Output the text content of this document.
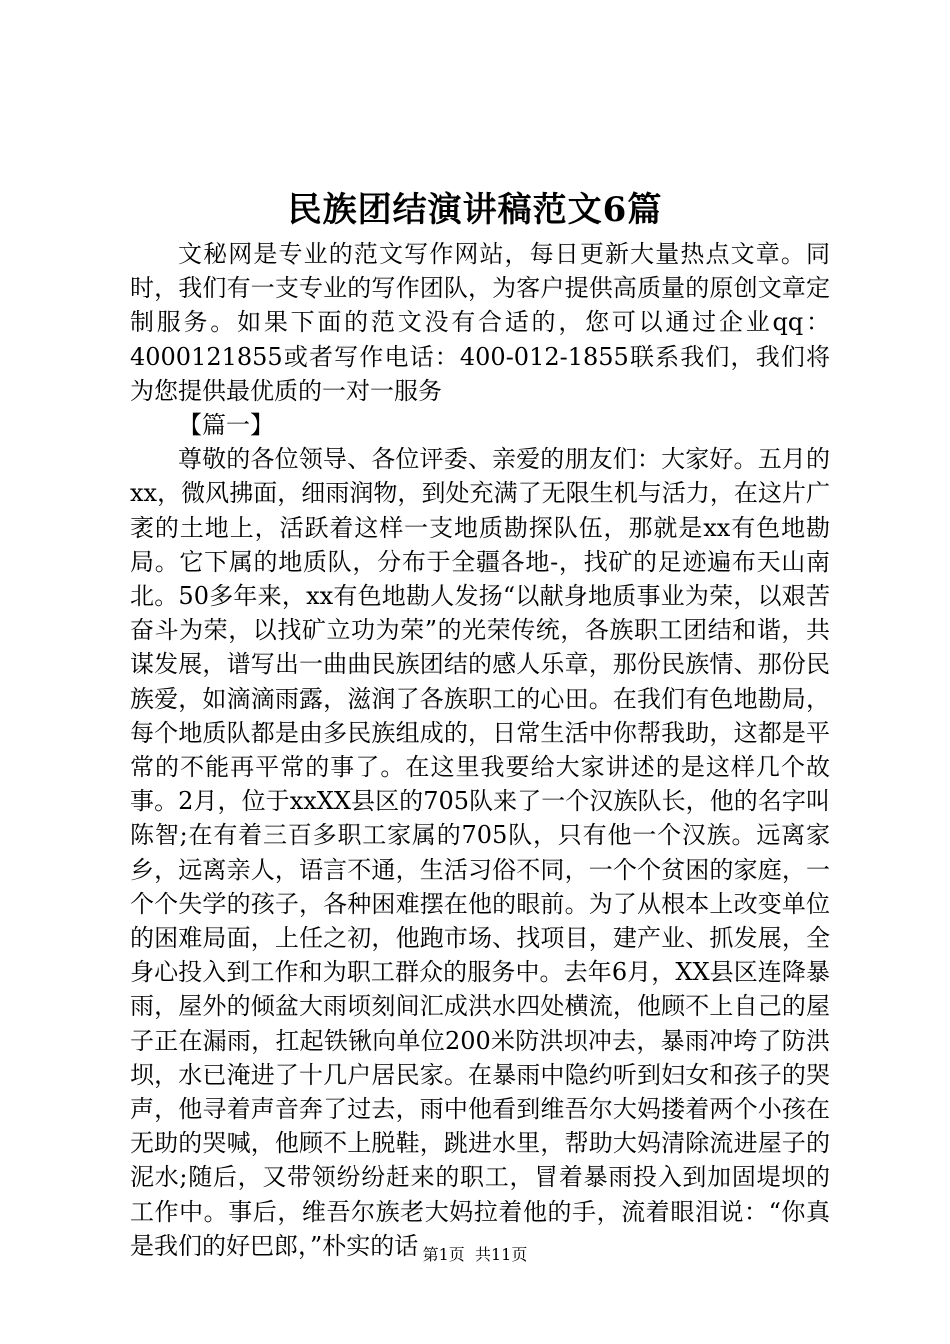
民族团结演讲稿范文6篇

文秘网是专业的范文写作网站，每日更新大量热点文章。同时，我们有一支专业的写作团队，为客户提供高质量的原创文章定制服务。如果下面的范文没有合适的，您可以通过企业qq：4000121855或者写作电话：400-012-1855联系我们，我们将为您提供最优质的一对一服务

【篇一】

尊敬的各位领导、各位评委、亲爱的朋友们：大家好。五月的xx，微风拂面，细雨润物，到处充满了无限生机与活力，在这片广袤的土地上，活跃着这样一支地质勘探队伍，那就是xx有色地勘局。它下属的地质队，分布于全疆各地-，找矿的足迹遍布天山南北。50多年来，xx有色地勘人发扬“以献身地质事业为荣，以艰苦奋斗为荣，以找矿立功为荣”的光荣传统，各族职工团结和谐，共谋发展，谱写出一曲曲民族团结的感人乐章，那份民族情、那份民族爱，如滴滴雨露，滋润了各族职工的心田。在我们有色地勘局，每个地质队都是由多民族组成的，日常生活中你帮我助，这都是平常的不能再平常的事了。在这里我要给大家讲述的是这样几个故事。2月，位于xxXX县区的705队来了一个汉族队长，他的名字叫陈智;在有着三百多职工家属的705队，只有他一个汉族。远离家乡，远离亲人，语言不通，生活习俗不同，一个个贫困的家庭，一个个失学的孩子，各种困难摆在他的眼前。为了从根本上改变单位的困难局面，上任之初，他跑市场、找项目，建产业、抓发展，全身心投入到工作和为职工群众的服务中。去年6月，XX县区连降暴雨，屋外的倾盆大雨顷刻间汇成洪水四处横流，他顾不上自己的屋子正在漏雨，扛起铁锹向单位200米防洪坝冲去，暴雨冲垮了防洪坝，水已淹进了十几户居民家。在暴雨中隐约听到妇女和孩子的哭声，他寻着声音奔了过去，雨中他看到维吾尔大妈搂着两个小孩在无助的哭喊，他顾不上脱鞋，跳进水里，帮助大妈清除流进屋子的泥水;随后，又带领纷纷赶来的职工，冒着暴雨投入到加固堤坝的工作中。事后，维吾尔族老大妈拉着他的手，流着眼泪说：“你真是我们的好巴郎，”朴实的话 第1页 共11页
